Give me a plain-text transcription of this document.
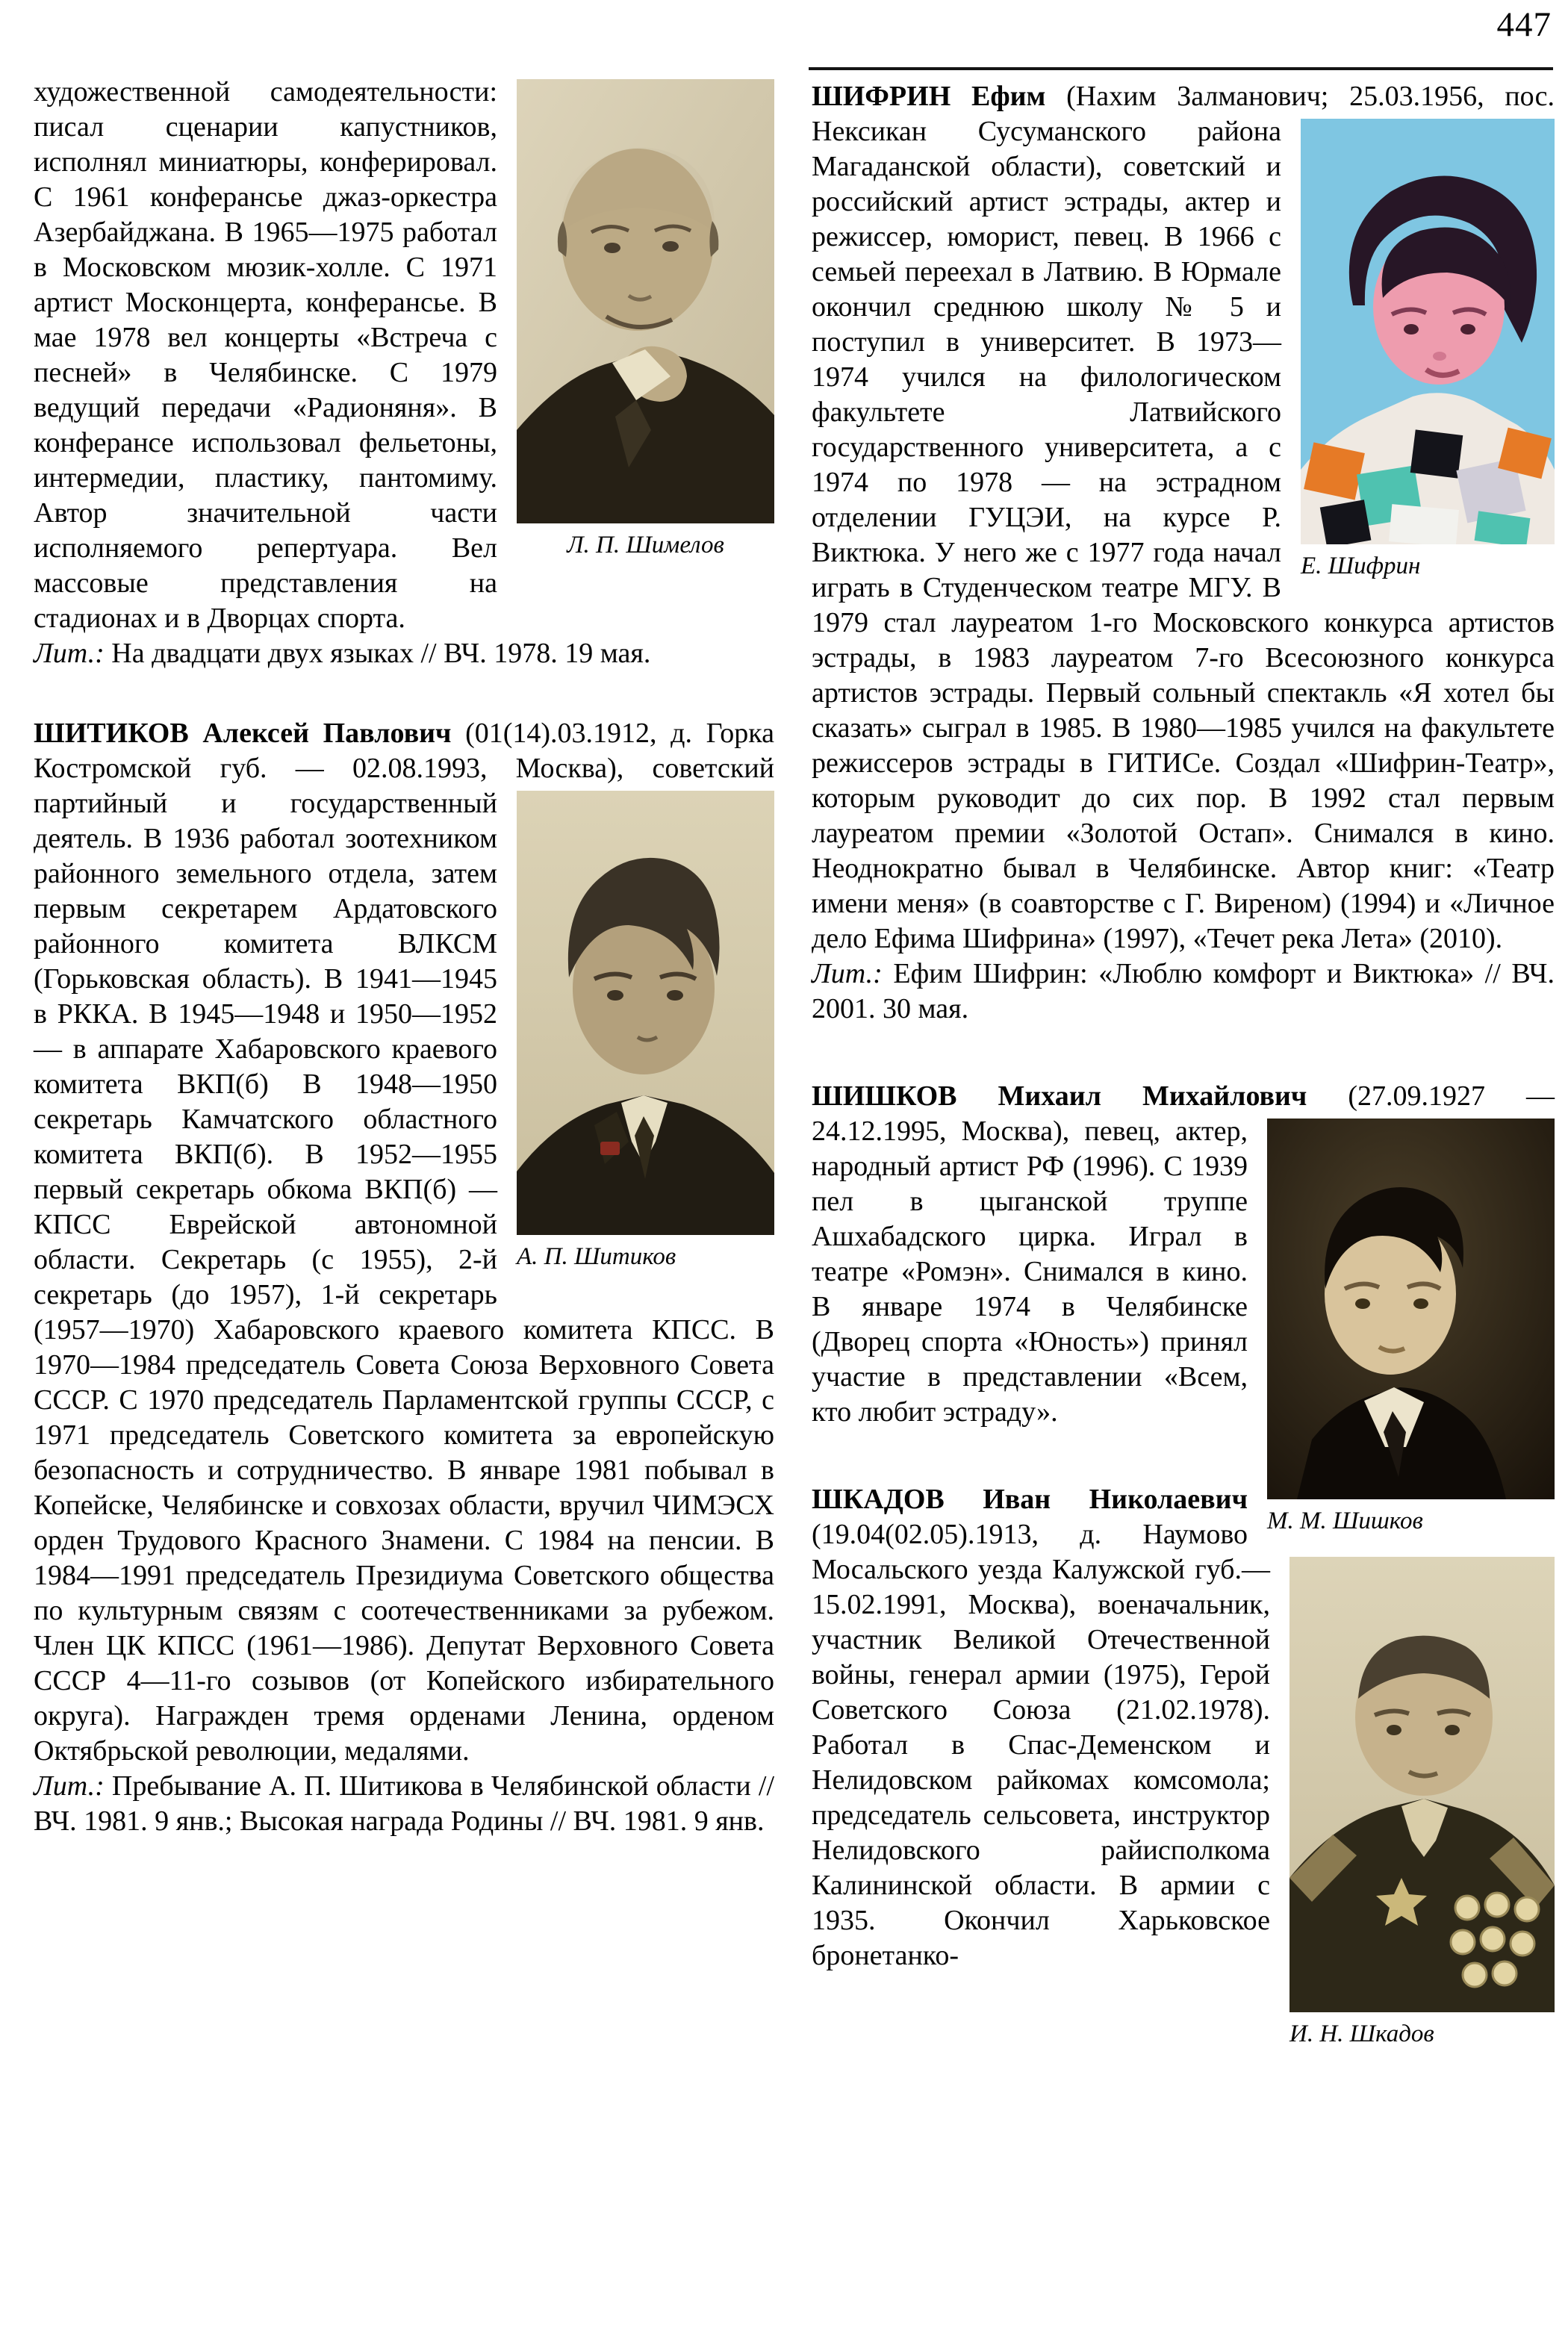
447
Л. П. Шимелов

художественной самодеятельности: писал сценарии капустников, исполнял миниатюры, конферировал. С 1961 конферансье джаз-оркестра Азербайджана. В 1965—1975 работал в Московском мюзик-холле. С 1971 артист Москонцерта, конферансье. В мае 1978 вел концерты «Встреча с песней» в Челябинске. С 1979 ведущий передачи «Радионяня». В конферансе использовал фельетоны, интермедии, пластику, пантомиму. Автор значительной части исполняемого репертуара. Вел массовые представления на стадионах и в Дворцах спорта.

Лит.: На двадцати двух языках // ВЧ. 1978. 19 мая.

ШИТИКОВ Алексей Павлович (01(14).03.1912, д. Горка Костромской губ. — 02.08.1993, Москва),
А. П. Шитиков
советский партийный и государственный деятель. В 1936 работал зоотехником районного земельного отдела, затем первым секретарем Ардатовского районного комитета ВЛКСМ (Горьковская область). В 1941—1945 в РККА. В 1945—1948 и 1950—1952 — в аппарате Хабаровского краевого комитета ВКП(б) В 1948—1950 секретарь Камчатского областного комитета ВКП(б). В 1952—1955 первый секретарь обкома ВКП(б) — КПСС Еврейской автономной области. Секретарь (с 1955), 2-й секретарь (до 1957), 1-й секретарь (1957—1970) Хабаровского краевого комитета КПСС. В 1970—1984 председатель Совета Союза Верховного Совета СССР. С 1970 председатель Парламентской группы СССР, с 1971 председатель Советского комитета за европейскую безопасность и сотрудничество. В январе 1981 побывал в Копейске, Челябинске и совхозах области, вручил ЧИМЭСХ орден Трудового Красного Знамени. С 1984 на пенсии. В 1984—1991 председатель Президиума Советского общества по культурным связям с соотечественниками за рубежом. Член ЦК КПСС (1961—1986). Депутат Верховного Совета СССР 4—11-го созывов (от Копейского избирательного округа). Награжден тремя орденами Ленина, орденом Октябрьской революции, медалями.

Лит.: Пребывание А. П. Шитикова в Челябинской области // ВЧ. 1981. 9 янв.; Высокая награда Родины // ВЧ. 1981. 9 янв.

ШИФРИН Ефим (Нахим Залманович; 25.03.1956, пос. Нексикан Сусуманского района
Е. Шифрин
Магаданской области), советский и российский артист эстрады, актер и режиссер, юморист, певец. В 1966 с семьей переехал в Латвию. В Юрмале окончил среднюю школу № 5 и поступил в университет. В 1973—1974 учился на филологическом факультете Латвийского государственного университета, а с 1974 по 1978 — на эстрадном отделении ГУЦЭИ, на курсе Р. Виктюка. У него же с 1977 года начал играть в Студенческом театре МГУ. В 1979 стал лауреатом 1-го Московского конкурса артистов эстрады, в 1983 лауреатом 7-го Всесоюзного конкурса артистов эстрады. Первый сольный спектакль «Я хотел бы сказать» сыграл в 1985. В 1980—1985 учился на факультете режиссеров эстрады в ГИТИСе. Создал «Шифрин-Театр», которым руководит до сих пор. В 1992 стал первым лауреатом премии «Золотой Остап». Снимался в кино. Неоднократно бывал в Челябинске. Автор книг: «Театр имени меня» (в соавторстве с Г. Виреном) (1994) и «Личное дело Ефима Шифрина» (1997), «Течет река Лета» (2010).

Лит.: Ефим Шифрин: «Люблю комфорт и Виктюка» // ВЧ. 2001. 30 мая.

ШИШКОВ Михаил Михайлович (27.09.1927 —
М. М. Шишков
24.12.1995, Москва), певец, актер, народный артист РФ (1996). С 1939 пел в цыганской труппе Ашхабадского цирка. Играл в театре «Ромэн». Снимался в кино. В январе 1974 в Челябинске (Дворец спорта «Юность») принял участие в представлении «Всем, кто любит эстраду».

ШКАДОВ Иван Николаевич (19.04(02.05).1913, д. Наумово Мосальского уезда Калужской губ.—
И. Н. Шкадов
15.02.1991, Москва), военачальник, участник Великой Отечественной войны, генерал армии (1975), Герой Советского Союза (21.02.1978). Работал в Спас-Деменском и Нелидовском райкомах комсомола; председатель сельсовета, инструктор Нелидовского райисполкома Калининской области. В армии с 1935. Окончил Харьковское бронетанко-
